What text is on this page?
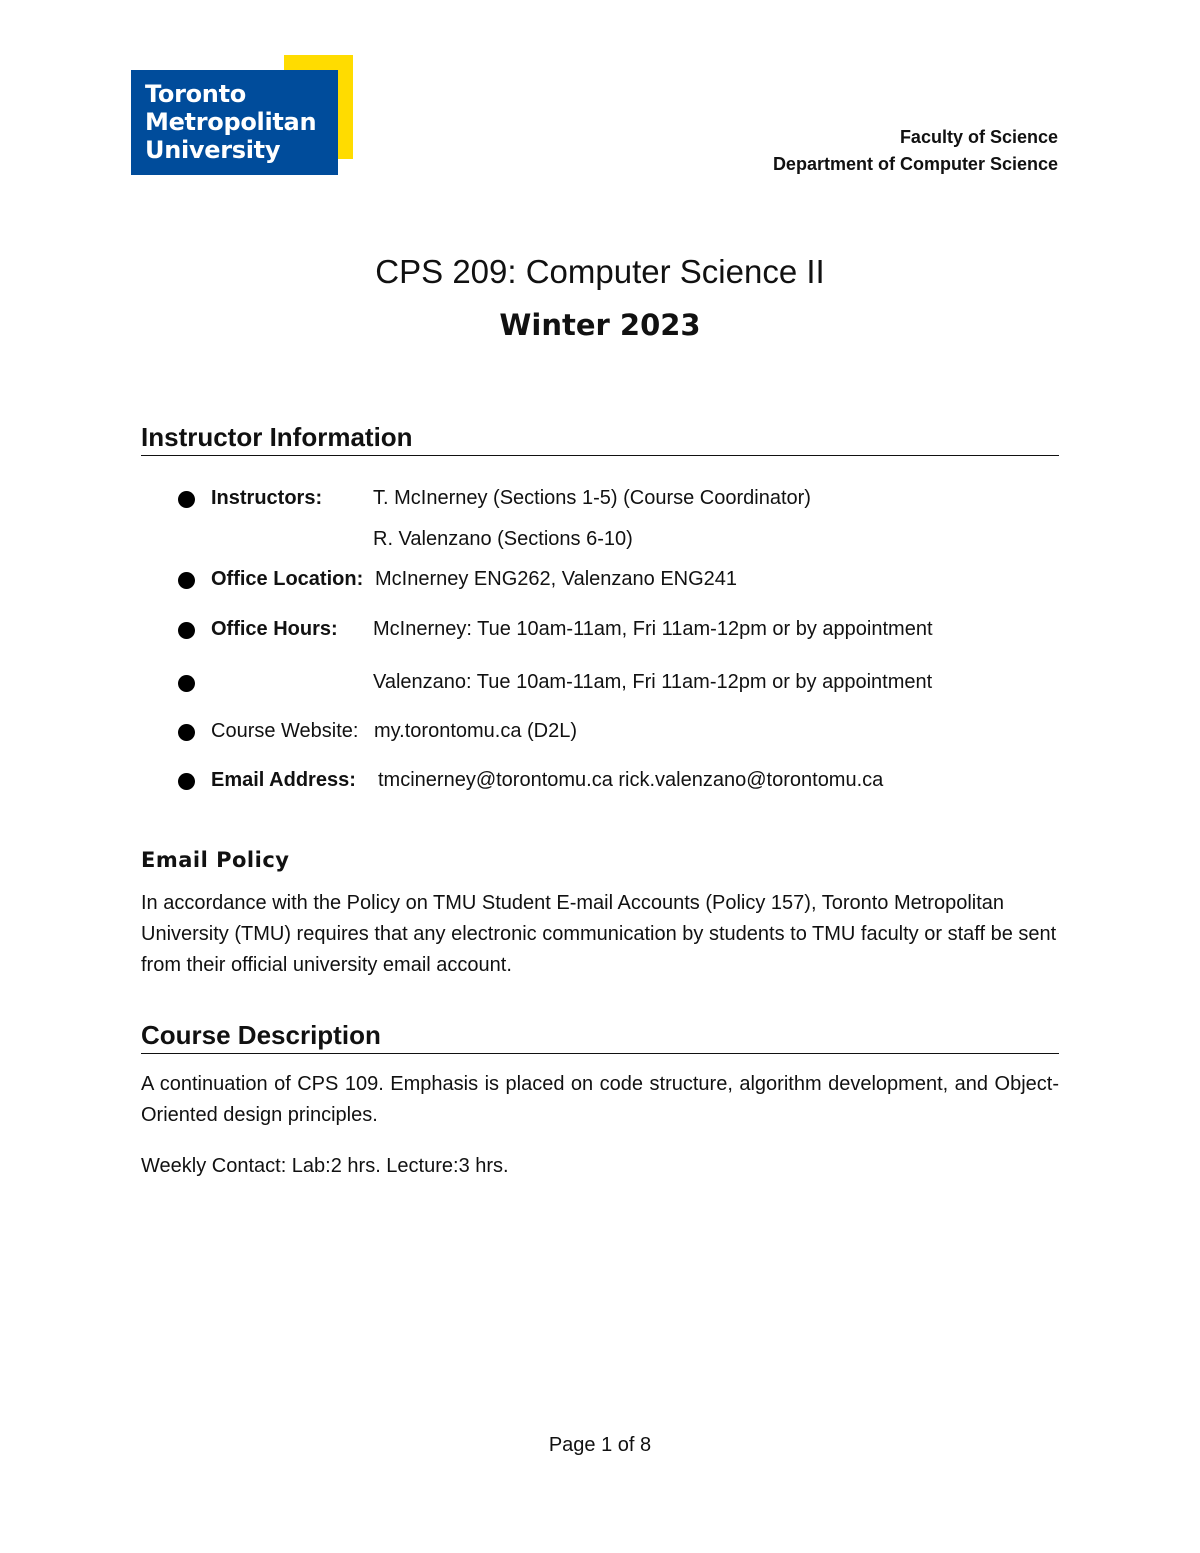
Toronto
Metropolitan
University	Faculty of Science
Department of Computer Science
CPS 209: Computer Science II
Winter 2023
Instructor Information
Instructors:	T. McInerney (Sections 1-5) (Course Coordinator)
R. Valenzano (Sections 6-10)
Office Location: McInerney ENG262, Valenzano ENG241
Office Hours: McInerney: Tue 10am-11am, Fri 11am-12pm or by appointment
Valenzano: Tue 10am-11am, Fri 11am-12pm or by appointment
Course Website: my.torontomu.ca (D2L)
Email Address: tmcinerney@torontomu.ca rick.valenzano@torontomu.ca
Email Policy
In accordance with the Policy on TMU Student E-mail Accounts (Policy 157), Toronto Metropolitan University (TMU) requires that any electronic communication by students to TMU faculty or staff be sent from their official university email account.
Course Description
A continuation of CPS 109. Emphasis is placed on code structure, algorithm development, and Object-Oriented design principles.
Weekly Contact: Lab:2 hrs. Lecture:3 hrs.
Page 1 of 8
